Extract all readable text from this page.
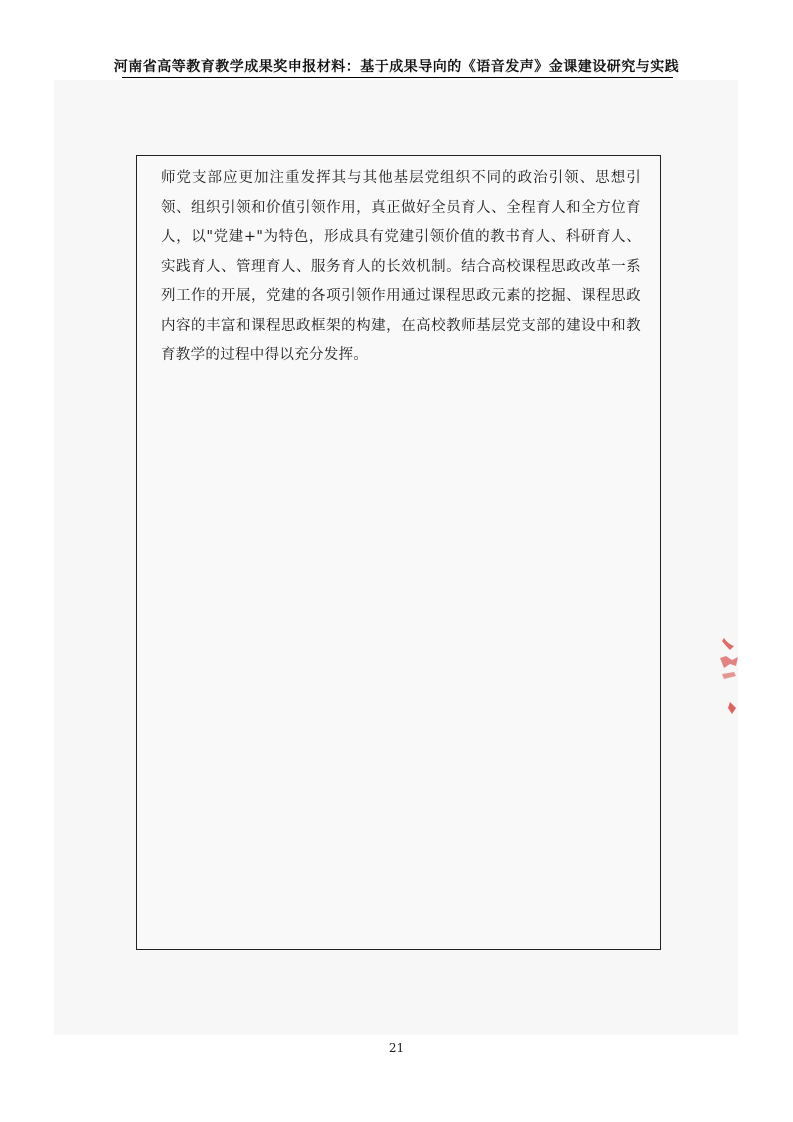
河南省高等教育教学成果奖申报材料：基于成果导向的《语音发声》金课建设研究与实践
师党支部应更加注重发挥其与其他基层党组织不同的政治引领、思想引领、组织引领和价值引领作用，真正做好全员育人、全程育人和全方位育人，以"党建+"为特色，形成具有党建引领价值的教书育人、科研育人、实践育人、管理育人、服务育人的长效机制。结合高校课程思政改革一系列工作的开展，党建的各项引领作用通过课程思政元素的挖掘、课程思政内容的丰富和课程思政框架的构建，在高校教师基层党支部的建设中和教育教学的过程中得以充分发挥。
21
